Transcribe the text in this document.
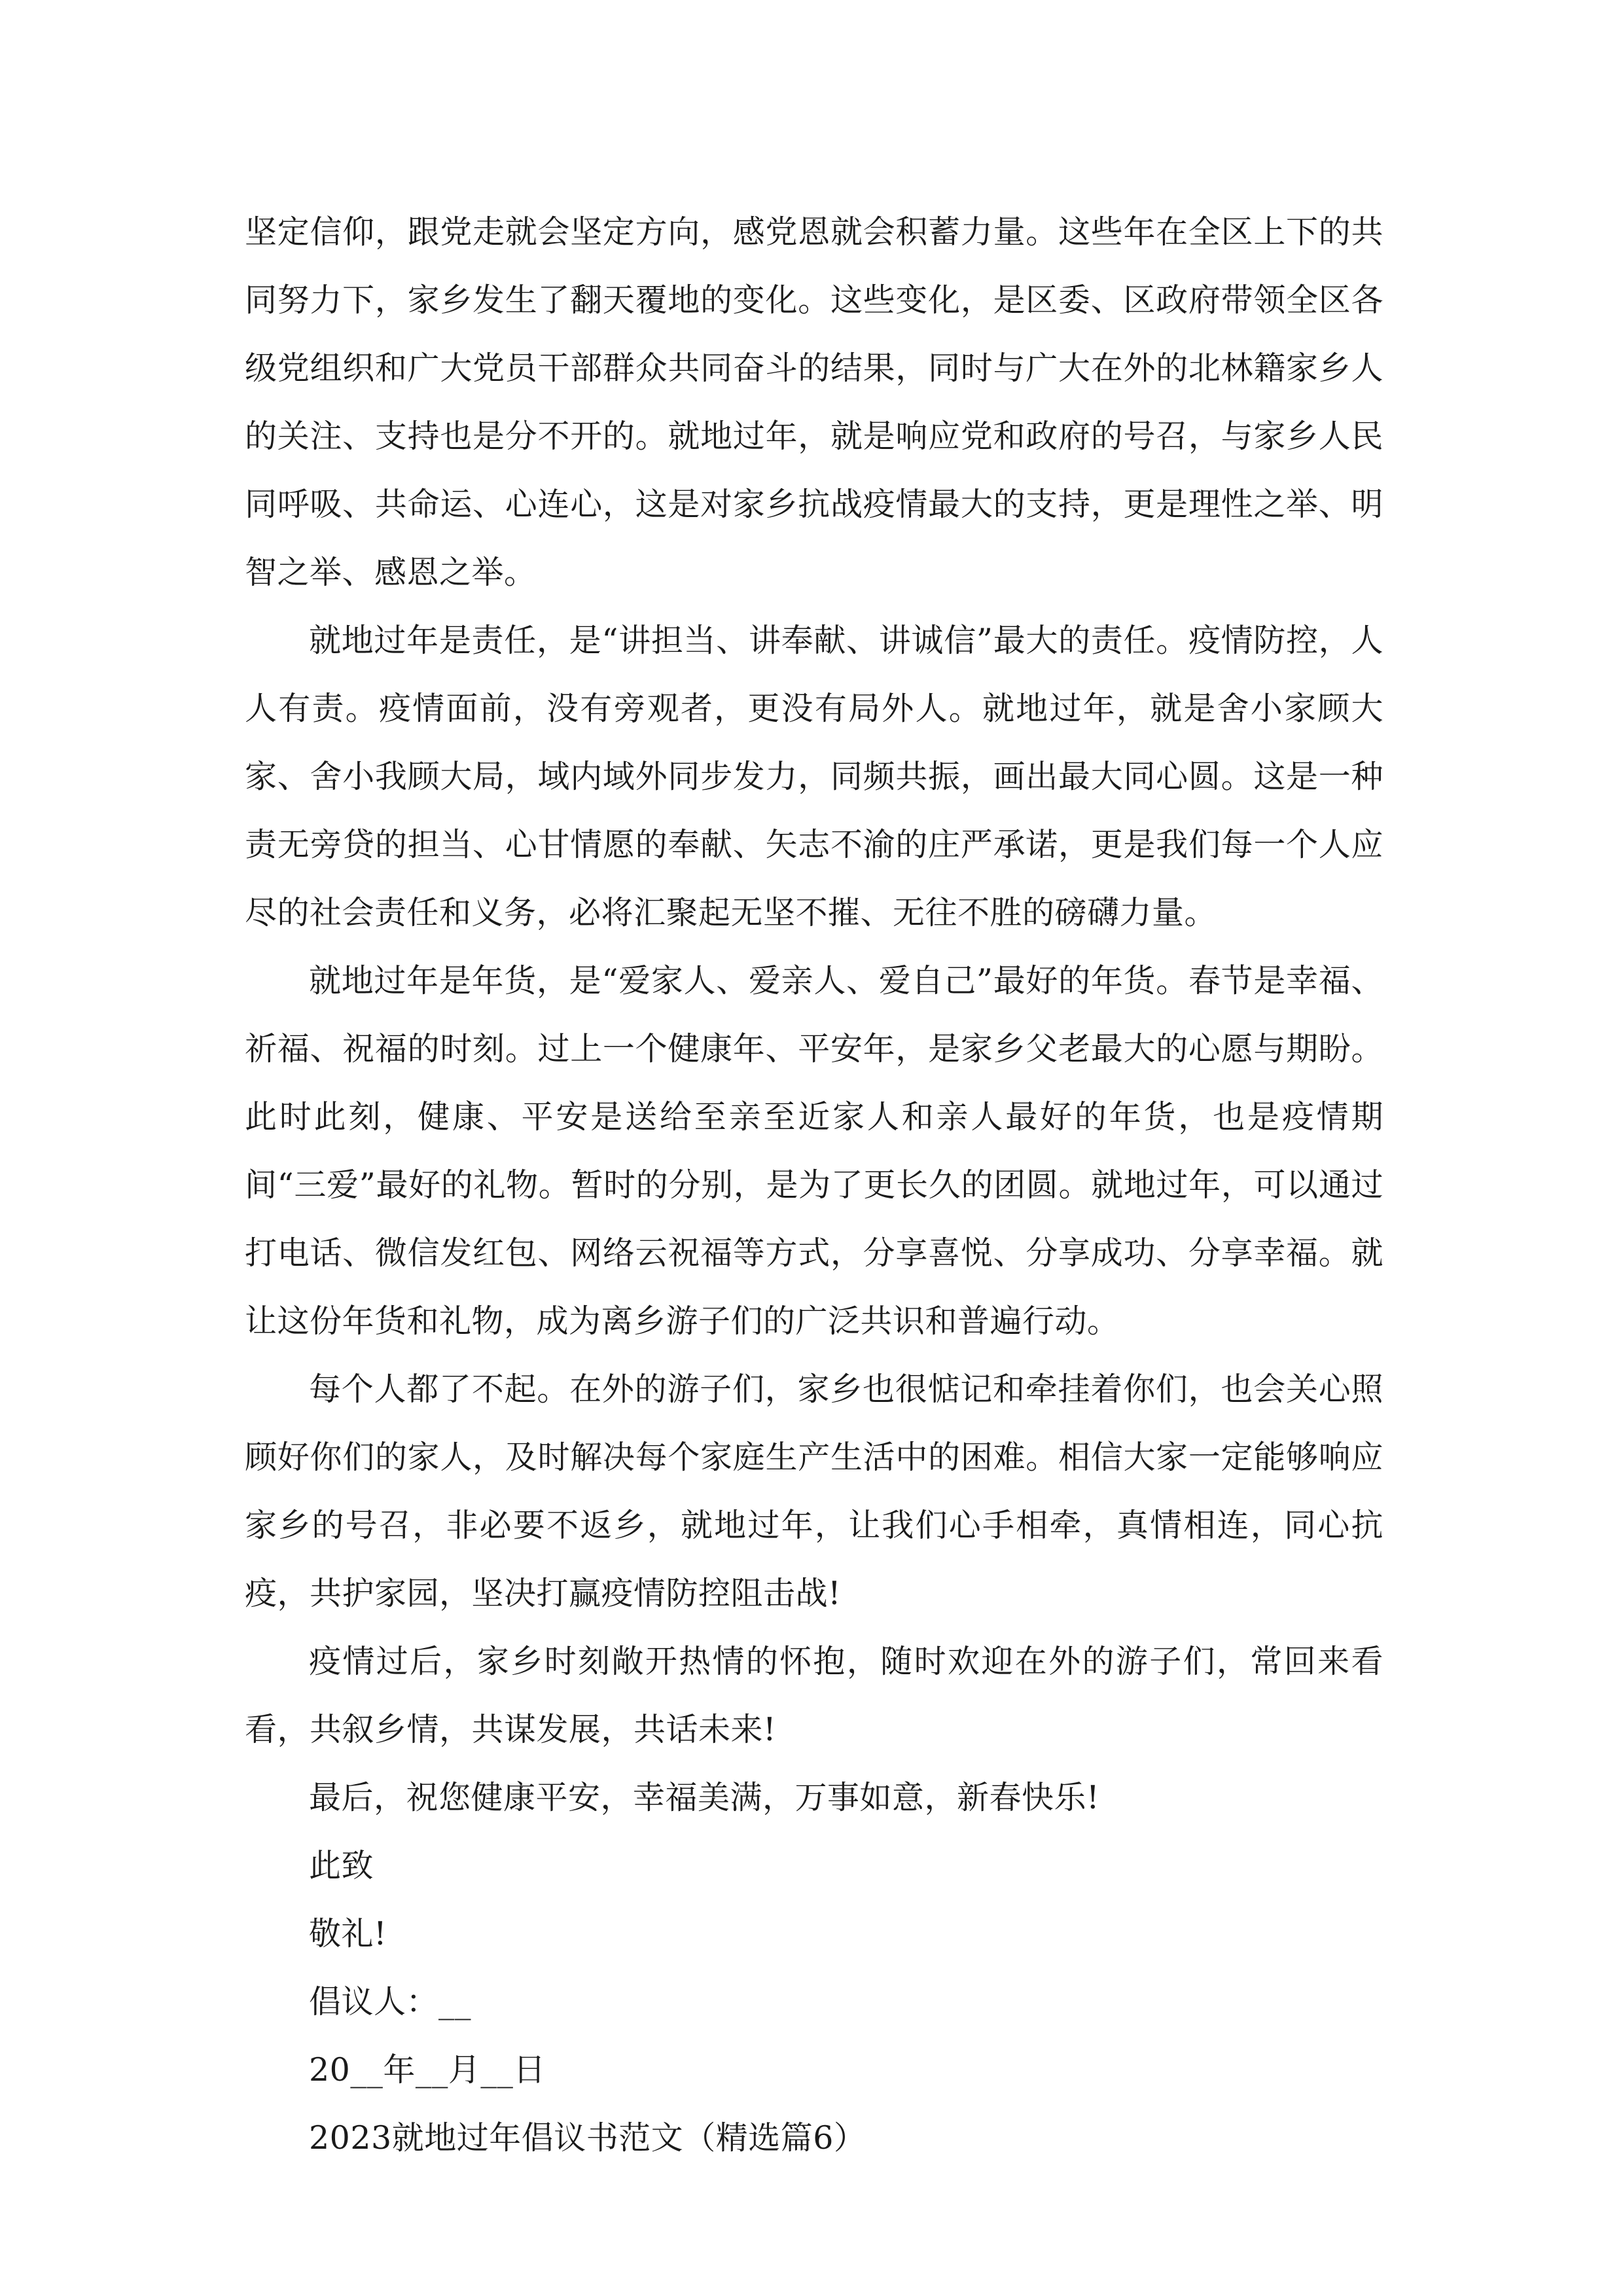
坚定信仰，跟党走就会坚定方向，感党恩就会积蓄力量。这些年在全区上下的共同努力下，家乡发生了翻天覆地的变化。这些变化，是区委、区政府带领全区各级党组织和广大党员干部群众共同奋斗的结果，同时与广大在外的北林籍家乡人的关注、支持也是分不开的。就地过年，就是响应党和政府的号召，与家乡人民同呼吸、共命运、心连心，这是对家乡抗战疫情最大的支持，更是理性之举、明智之举、感恩之举。

就地过年是责任，是“讲担当、讲奉献、讲诚信”最大的责任。疫情防控，人人有责。疫情面前，没有旁观者，更没有局外人。就地过年，就是舍小家顾大家、舍小我顾大局，域内域外同步发力，同频共振，画出最大同心圆。这是一种责无旁贷的担当、心甘情愿的奉献、矢志不渝的庄严承诺，更是我们每一个人应尽的社会责任和义务，必将汇聚起无坚不摧、无往不胜的磅礴力量。

就地过年是年货，是“爱家人、爱亲人、爱自己”最好的年货。春节是幸福、祈福、祝福的时刻。过上一个健康年、平安年，是家乡父老最大的心愿与期盼。此时此刻，健康、平安是送给至亲至近家人和亲人最好的年货，也是疫情期间“三爱”最好的礼物。暂时的分别，是为了更长久的团圆。就地过年，可以通过打电话、微信发红包、网络云祝福等方式，分享喜悦、分享成功、分享幸福。就让这份年货和礼物，成为离乡游子们的广泛共识和普遍行动。

每个人都了不起。在外的游子们，家乡也很惦记和牵挂着你们，也会关心照顾好你们的家人，及时解决每个家庭生产生活中的困难。相信大家一定能够响应家乡的号召，非必要不返乡，就地过年，让我们心手相牵，真情相连，同心抗疫，共护家园，坚决打赢疫情防控阻击战!

疫情过后，家乡时刻敞开热情的怀抱，随时欢迎在外的游子们，常回来看看，共叙乡情，共谋发展，共话未来!

最后，祝您健康平安，幸福美满，万事如意，新春快乐!

此致

敬礼!

倡议人：__

20__年__月__日

2023就地过年倡议书范文（精选篇6）
